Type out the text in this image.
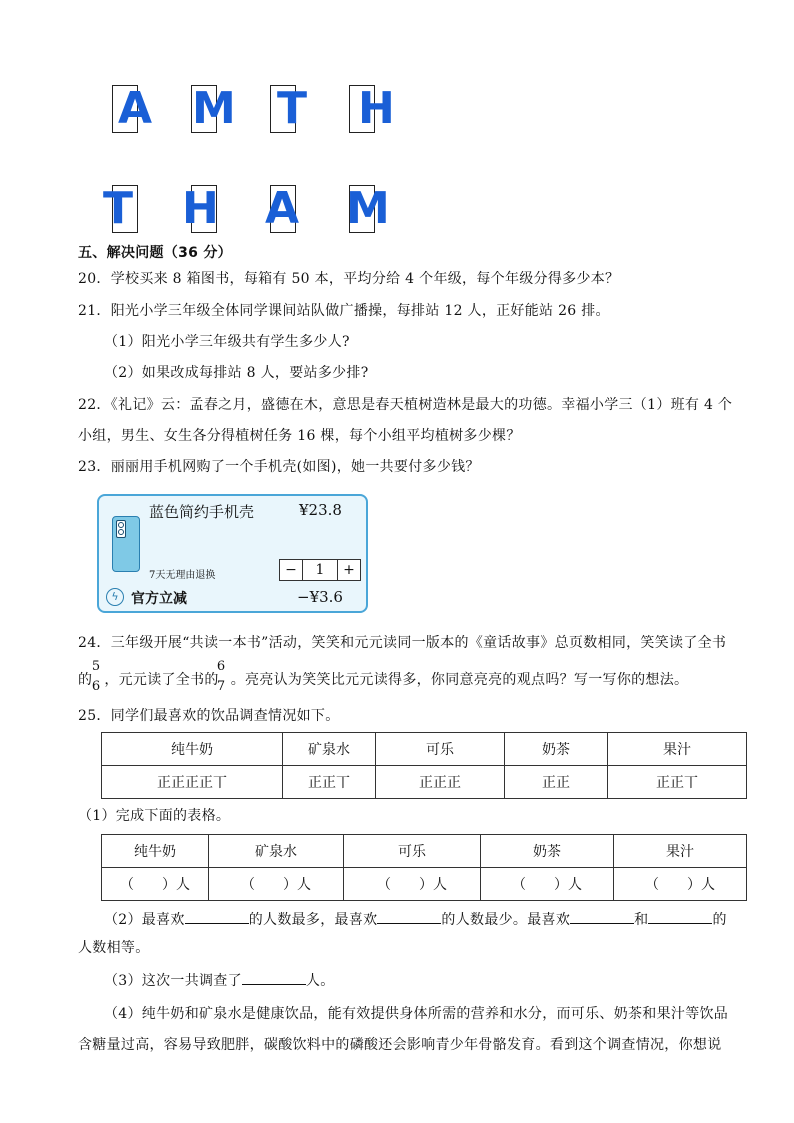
A M T H
T H A M
五、解决问题（36 分）
20．学校买来 8 箱图书，每箱有 50 本，平均分给 4 个年级，每个年级分得多少本？
21．阳光小学三年级全体同学课间站队做广播操，每排站 12 人，正好能站 26 排。
（1）阳光小学三年级共有学生多少人?
（2）如果改成每排站 8 人，要站多少排?
22．《礼记》云：孟春之月，盛德在木，意思是春天植树造林是最大的功德。幸福小学三（1）班有 4 个
小组，男生、女生各分得植树任务 16 棵，每个小组平均植树多少棵？
23．丽丽用手机网购了一个手机壳(如图)，她一共要付多少钱？
蓝色简约手机壳	¥23.8
7天无理由退换	−	1	+
ϟ 官方立减	−¥3.6
24．三年级开展“共读一本书”活动，笑笑和元元读同一版本的《童话故事》总页数相同，笑笑读了全书
的 ，元元读了全书的 。亮亮认为笑笑比元元读得多，你同意亮亮的观点吗？写一写你的想法。
5
6
6
7
25．同学们最喜欢的饮品调查情况如下。
纯牛奶	矿泉水	可乐	奶茶	果汁
正正正正丅	正正丅	正正正	正正	正正丅
（1）完成下面的表格。
纯牛奶	矿泉水	可乐	奶茶	果汁
（　　）人	（　　）人	（　　）人	（　　）人	（　　）人
（2）最喜欢	的人数最多，最喜欢	的人数最少。最喜欢	和	的
人数相等。
（3）这次一共调查了	人。
（4）纯牛奶和矿泉水是健康饮品，能有效提供身体所需的营养和水分，而可乐、奶茶和果汁等饮品
含糖量过高，容易导致肥胖，碳酸饮料中的磷酸还会影响青少年骨骼发育。看到这个调查情况，你想说
